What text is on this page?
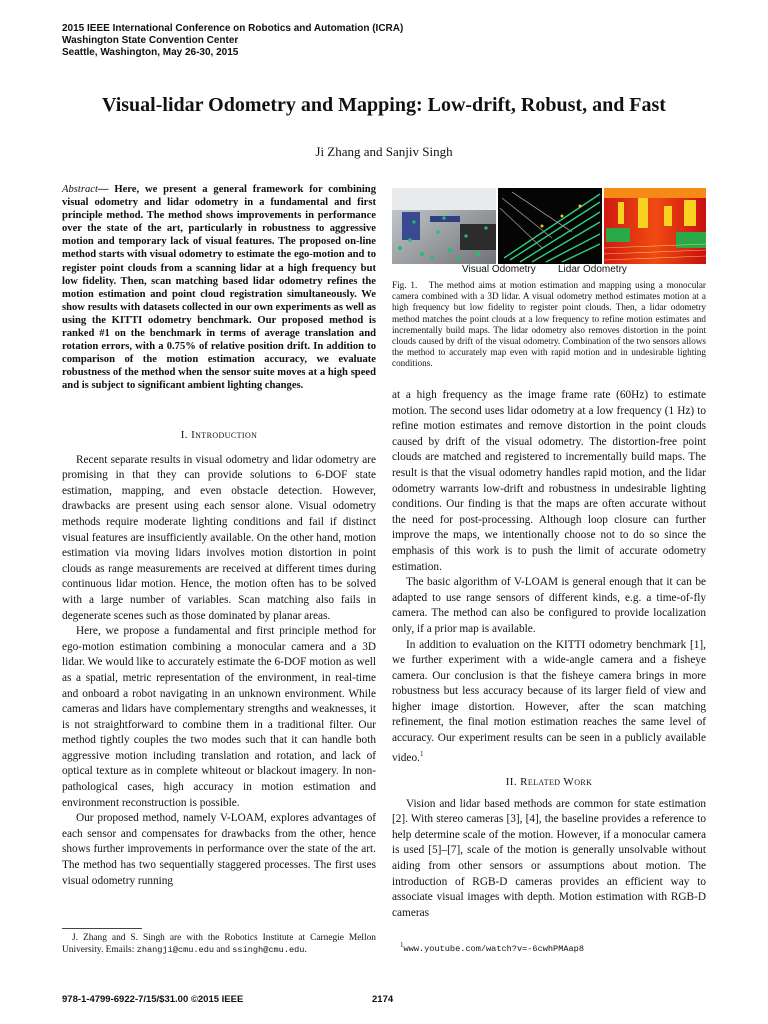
2015 IEEE International Conference on Robotics and Automation (ICRA)
Washington State Convention Center
Seattle, Washington, May 26-30, 2015
Visual-lidar Odometry and Mapping: Low-drift, Robust, and Fast
Ji Zhang and Sanjiv Singh
Abstract— Here, we present a general framework for combining visual odometry and lidar odometry in a fundamental and first principle method. The method shows improvements in performance over the state of the art, particularly in robustness to aggressive motion and temporary lack of visual features. The proposed on-line method starts with visual odometry to estimate the ego-motion and to register point clouds from a scanning lidar at a high frequency but low fidelity. Then, scan matching based lidar odometry refines the motion estimation and point cloud registration simultaneously. We show results with datasets collected in our own experiments as well as using the KITTI odometry benchmark. Our proposed method is ranked #1 on the benchmark in terms of average translation and rotation errors, with a 0.75% of relative position drift. In addition to comparison of the motion estimation accuracy, we evaluate robustness of the method when the sensor suite moves at a high speed and is subject to significant ambient lighting changes.
I. Introduction

Recent separate results in visual odometry and lidar odometry are promising in that they can provide solutions to 6-DOF state estimation, mapping, and even obstacle detection. However, drawbacks are present using each sensor alone. Visual odometry methods require moderate lighting conditions and fail if distinct visual features are insufficiently available. On the other hand, motion estimation via moving lidars involves motion distortion in point clouds as range measurements are received at different times during continuous lidar motion. Hence, the motion often has to be solved with a large number of variables. Scan matching also fails in degenerate scenes such as those dominated by planar areas.

Here, we propose a fundamental and first principle method for ego-motion estimation combining a monocular camera and a 3D lidar. We would like to accurately estimate the 6-DOF motion as well as a spatial, metric representation of the environment, in real-time and onboard a robot navigating in an unknown environment. While cameras and lidars have complementary strengths and weaknesses, it is not straightforward to combine them in a traditional filter. Our method tightly couples the two modes such that it can handle both aggressive motion including translation and rotation, and lack of optical texture as in complete whiteout or blackout imagery. In non-pathological cases, high accuracy in motion estimation and environment reconstruction is possible.

Our proposed method, namely V-LOAM, explores advantages of each sensor and compensates for drawbacks from the other, hence shows further improvements in performance over the state of the art. The method has two sequentially staggered processes. The first uses visual odometry running

J. Zhang and S. Singh are with the Robotics Institute at Carnegie Mellon University. Emails: zhangji@cmu.edu and ssingh@cmu.edu.
Visual Odometry Lidar Odometry
Fig. 1. The method aims at motion estimation and mapping using a monocular camera combined with a 3D lidar. A visual odometry method estimates motion at a high frequency but low fidelity to register point clouds. Then, a lidar odometry method matches the point clouds at a low frequency to refine motion estimates and incrementally build maps. The lidar odometry also removes distortion in the point clouds caused by drift of the visual odometry. Combination of the two sensors allows the method to accurately map even with rapid motion and in undesirable lighting conditions.

at a high frequency as the image frame rate (60Hz) to estimate motion. The second uses lidar odometry at a low frequency (1 Hz) to refine motion estimates and remove distortion in the point clouds caused by drift of the visual odometry. The distortion-free point clouds are matched and registered to incrementally build maps. The result is that the visual odometry handles rapid motion, and the lidar odometry warrants low-drift and robustness in undesirable lighting conditions. Our finding is that the maps are often accurate without the need for post-processing. Although loop closure can further improve the maps, we intentionally choose not to do so since the emphasis of this work is to push the limit of accurate odometry estimation.

The basic algorithm of V-LOAM is general enough that it can be adapted to use range sensors of different kinds, e.g. a time-of-fly camera. The method can also be configured to provide localization only, if a prior map is available.

In addition to evaluation on the KITTI odometry benchmark [1], we further experiment with a wide-angle camera and a fisheye camera. Our conclusion is that the fisheye camera brings in more robustness but less accuracy because of its larger field of view and higher image distortion. However, after the scan matching refinement, the final motion estimation reaches the same level of accuracy. Our experiment results can be seen in a publicly available video.$^1$

II. Related Work

Vision and lidar based methods are common for state estimation [2]. With stereo cameras [3], [4], the baseline provides a reference to help determine scale of the motion. However, if a monocular camera is used [5]–[7], scale of the motion is generally unsolvable without aiding from other sensors or assumptions about motion. The introduction of RGB-D cameras provides an efficient way to associate visual images with depth. Motion estimation with RGB-D cameras

$^1$www.youtube.com/watch?v=-6cwhPMAap8
978-1-4799-6922-7/15/$31.00 ©2015 IEEE	2174
